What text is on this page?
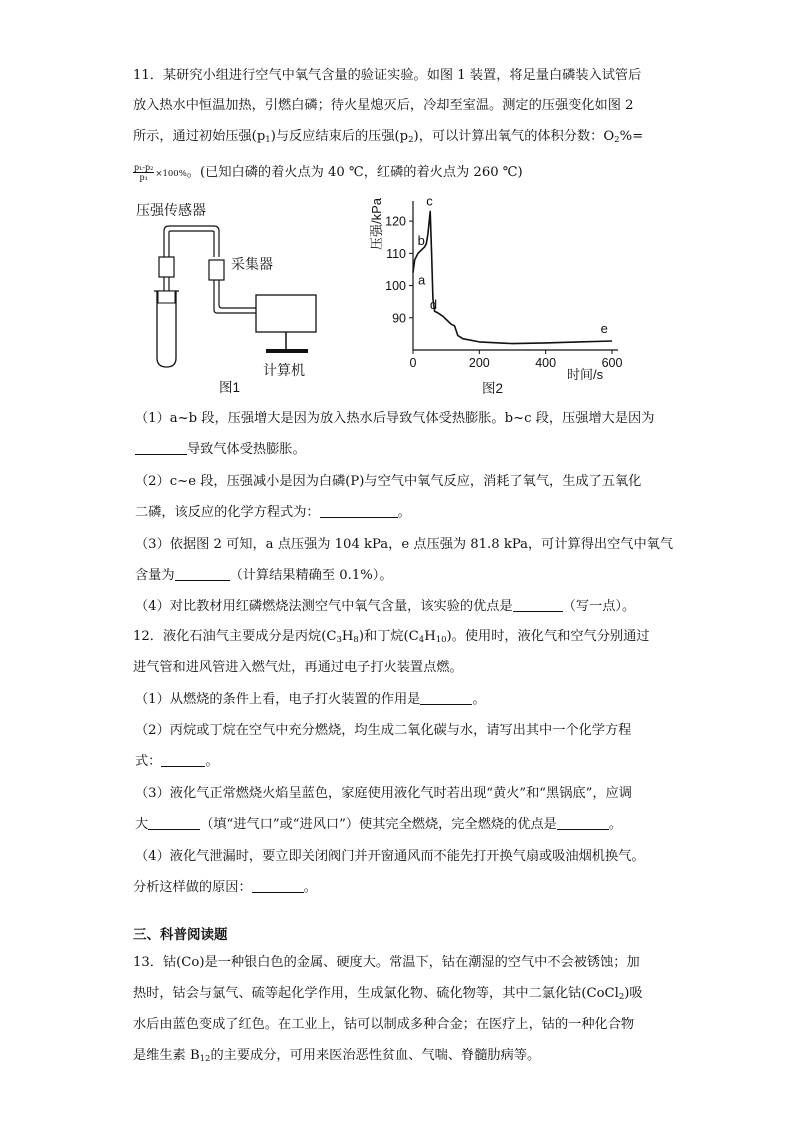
11．某研究小组进行空气中氧气含量的验证实验。如图 1 装置，将足量白磷装入试管后
放入热水中恒温加热，引燃白磷；待火星熄灭后，冷却至室温。测定的压强变化如图 2
所示，通过初始压强$(p_1)$与反应结束后的压强$(p_2)$，可以计算出氧气的体积分数：$O_2\%=$
$\frac{\text{p₁-p₂}}{\text{p₁}} \times 100\%$。(已知白磷的着火点为 40 ℃，红磷的着火点为 260 ℃)
压强传感器
采集器
计算机
图1
0	200	400	600
90
100
110
120
a
b
c
d
e
压强/kPa
时间/s
图2
（1）a~b 段，压强增大是因为放入热水后导致气体受热膨胀。b~c 段，压强增大是因为
导致气体受热膨胀。
（2）c~e 段，压强减小是因为白磷(P)与空气中氧气反应，消耗了氧气，生成了五氧化
二磷，该反应的化学方程式为：	。
（3）依据图 2 可知，a 点压强为 104 kPa，e 点压强为 81.8 kPa，可计算得出空气中氧气
含量为	（计算结果精确至 0.1%）。
（4）对比教材用红磷燃烧法测空气中氧气含量，该实验的优点是	（写一点）。
12．液化石油气主要成分是丙烷$(C_3H_8)$和丁烷$(C_4H_{10})$。使用时，液化气和空气分别通过
进气管和进风管进入燃气灶，再通过电子打火装置点燃。
（1）从燃烧的条件上看，电子打火装置的作用是	。
（2）丙烷或丁烷在空气中充分燃烧，均生成二氧化碳与水，请写出其中一个化学方程
式：	。
（3）液化气正常燃烧火焰呈蓝色，家庭使用液化气时若出现“黄火”和“黑锅底”，应调
大	（填“进气口”或“进风口”）使其完全燃烧，完全燃烧的优点是	。
（4）液化气泄漏时，要立即关闭阀门并开窗通风而不能先打开换气扇或吸油烟机换气。
分析这样做的原因：	。
三、科普阅读题
13．钴(Co)是一种银白色的金属、硬度大。常温下，钴在潮湿的空气中不会被锈蚀；加
热时，钴会与氯气、硫等起化学作用，生成氯化物、硫化物等，其中二氯化钴(CoCl$_2$)吸
水后由蓝色变成了红色。在工业上，钴可以制成多种合金；在医疗上，钴的一种化合物
是维生素 $B_{12}$的主要成分，可用来医治恶性贫血、气喘、脊髓肋病等。
